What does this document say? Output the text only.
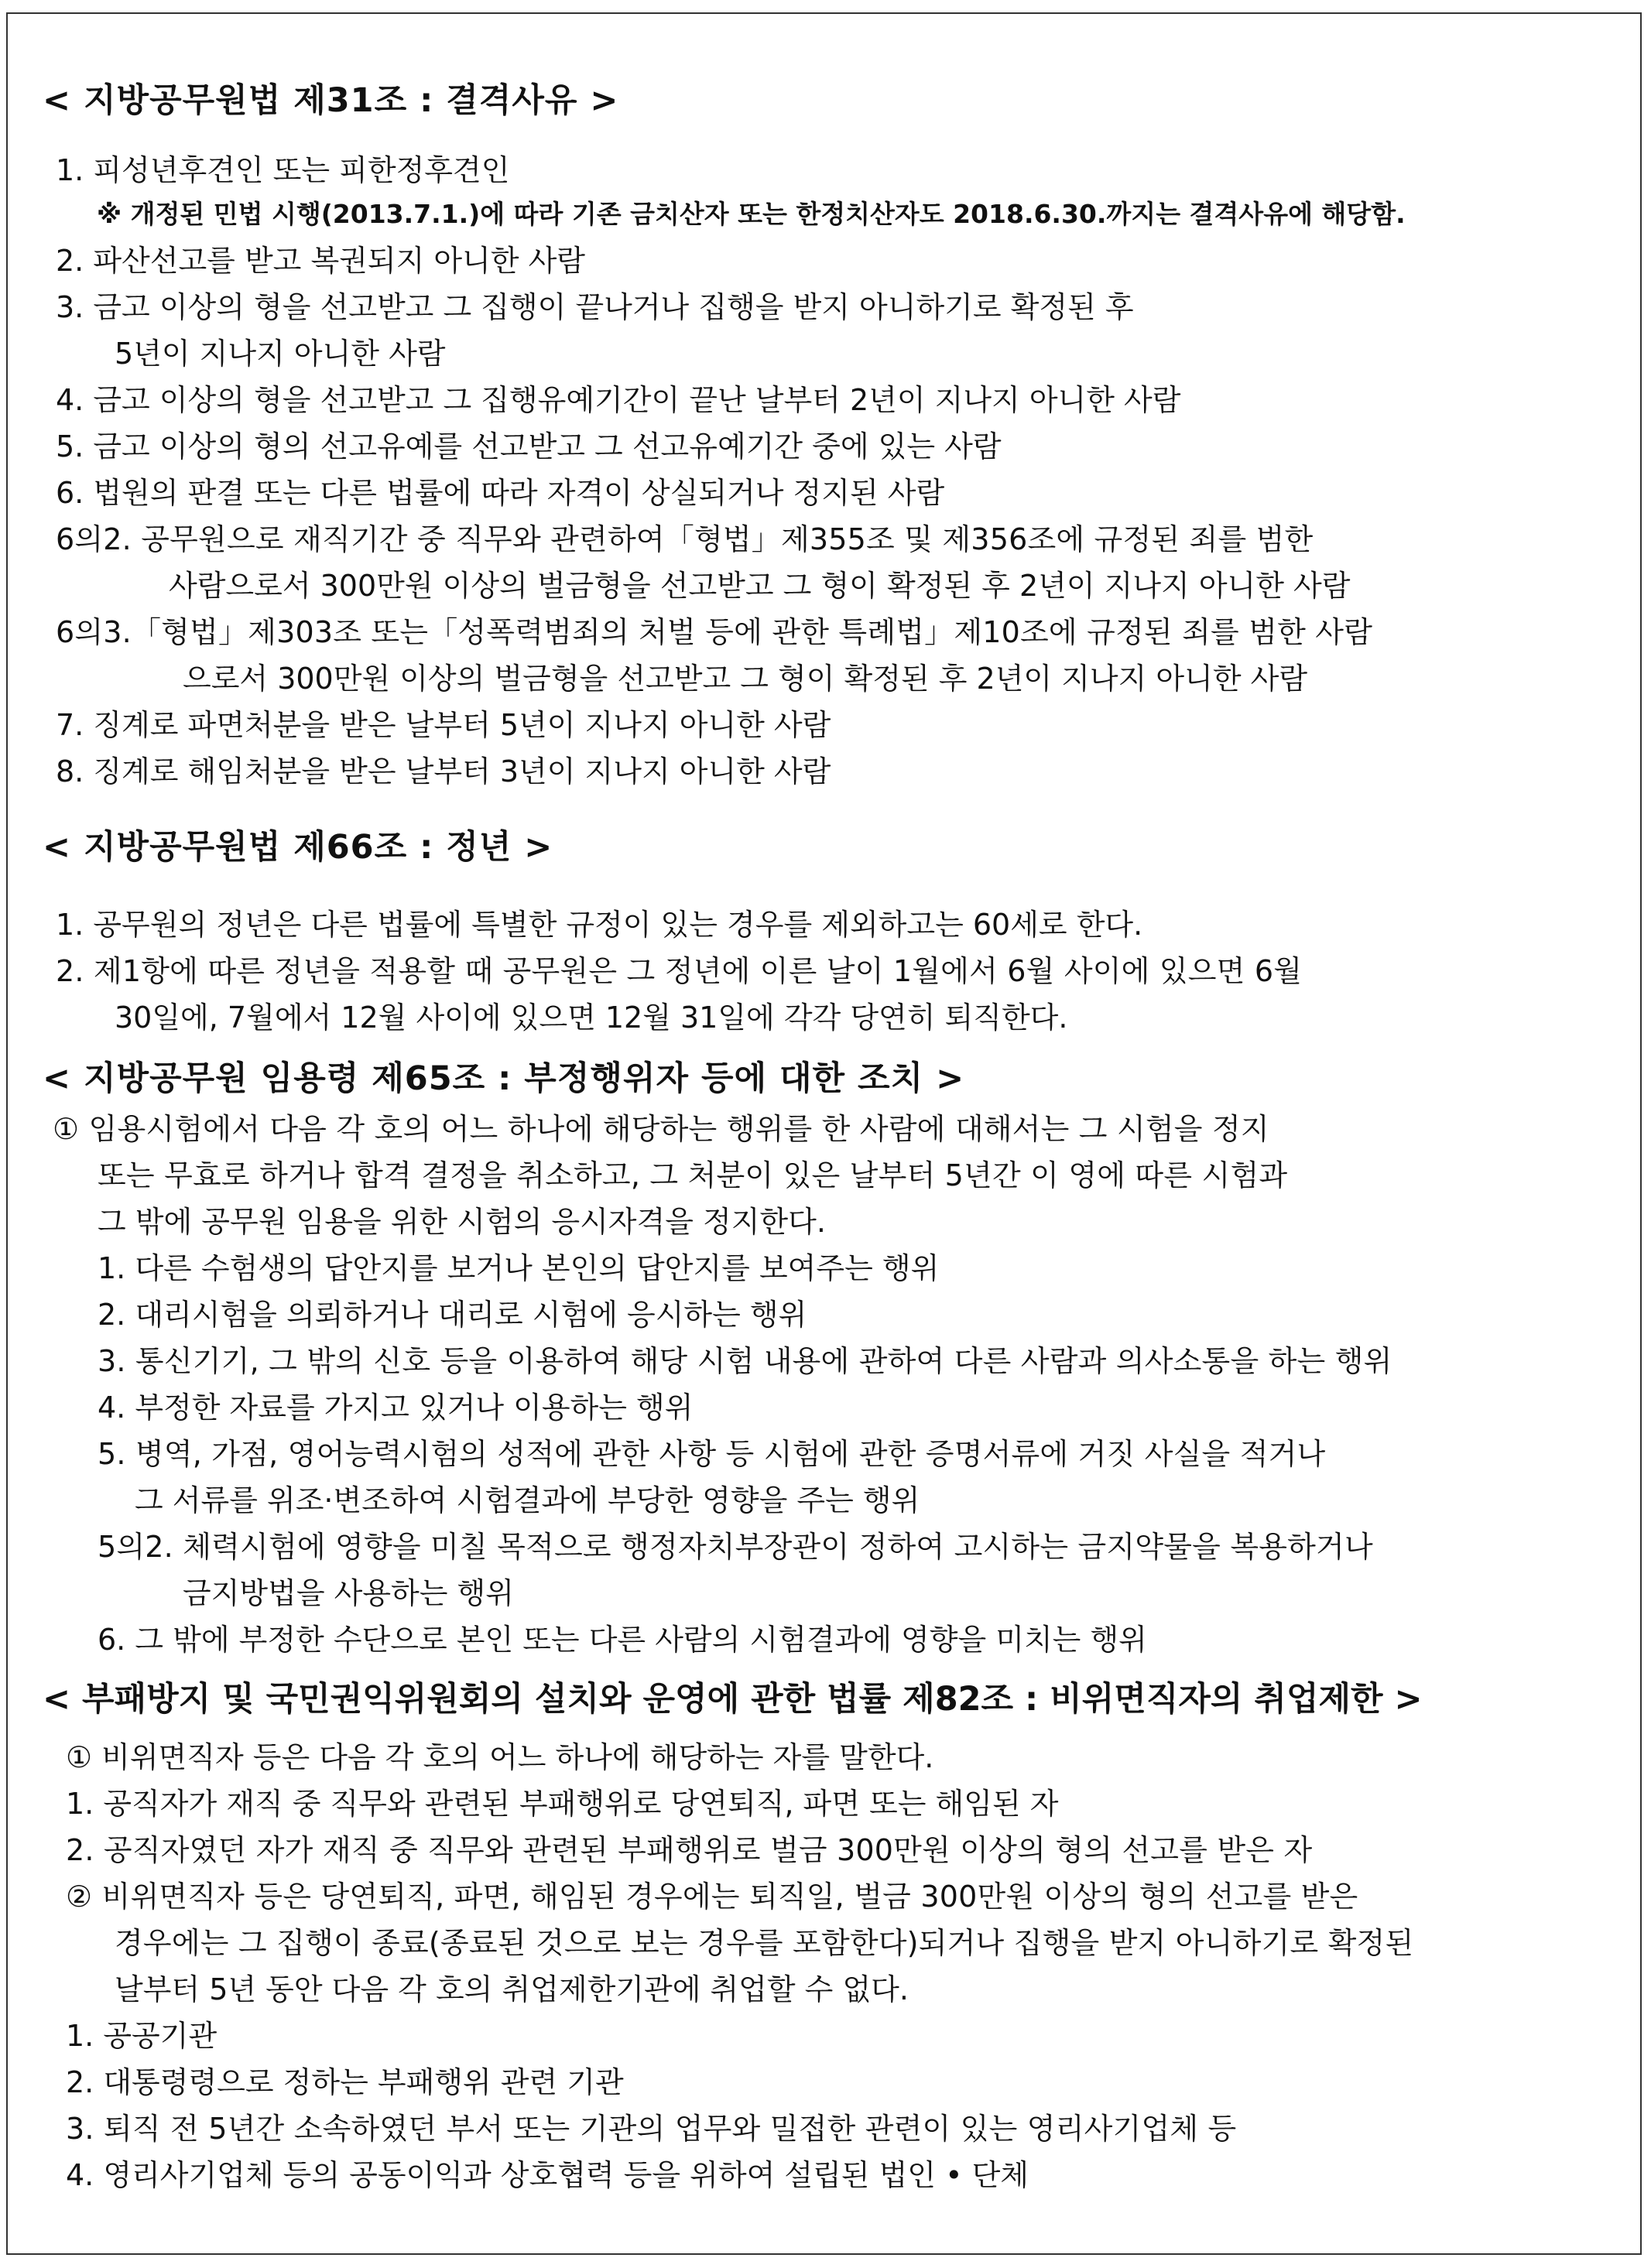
< 지방공무원법 제31조 : 결격사유 >

1. 피성년후견인 또는 피한정후견인

※ 개정된 민법 시행(2013.7.1.)에 따라 기존 금치산자 또는 한정치산자도 2018.6.30.까지는 결격사유에 해당함.

2. 파산선고를 받고 복권되지 아니한 사람

3. 금고 이상의 형을 선고받고 그 집행이 끝나거나 집행을 받지 아니하기로 확정된 후

5년이 지나지 아니한 사람

4. 금고 이상의 형을 선고받고 그 집행유예기간이 끝난 날부터 2년이 지나지 아니한 사람

5. 금고 이상의 형의 선고유예를 선고받고 그 선고유예기간 중에 있는 사람

6. 법원의 판결 또는 다른 법률에 따라 자격이 상실되거나 정지된 사람

6의2. 공무원으로 재직기간 중 직무와 관련하여「형법」제355조 및 제356조에 규정된 죄를 범한

사람으로서 300만원 이상의 벌금형을 선고받고 그 형이 확정된 후 2년이 지나지 아니한 사람

6의3.「형법」제303조 또는「성폭력범죄의 처벌 등에 관한 특례법」제10조에 규정된 죄를 범한 사람

으로서 300만원 이상의 벌금형을 선고받고 그 형이 확정된 후 2년이 지나지 아니한 사람

7. 징계로 파면처분을 받은 날부터 5년이 지나지 아니한 사람

8. 징계로 해임처분을 받은 날부터 3년이 지나지 아니한 사람

< 지방공무원법 제66조 : 정년 >

1. 공무원의 정년은 다른 법률에 특별한 규정이 있는 경우를 제외하고는 60세로 한다.

2. 제1항에 따른 정년을 적용할 때 공무원은 그 정년에 이른 날이 1월에서 6월 사이에 있으면 6월

30일에, 7월에서 12월 사이에 있으면 12월 31일에 각각 당연히 퇴직한다.

< 지방공무원 임용령 제65조 : 부정행위자 등에 대한 조치 >

① 임용시험에서 다음 각 호의 어느 하나에 해당하는 행위를 한 사람에 대해서는 그 시험을 정지

또는 무효로 하거나 합격 결정을 취소하고, 그 처분이 있은 날부터 5년간 이 영에 따른 시험과

그 밖에 공무원 임용을 위한 시험의 응시자격을 정지한다.

1. 다른 수험생의 답안지를 보거나 본인의 답안지를 보여주는 행위

2. 대리시험을 의뢰하거나 대리로 시험에 응시하는 행위

3. 통신기기, 그 밖의 신호 등을 이용하여 해당 시험 내용에 관하여 다른 사람과 의사소통을 하는 행위

4. 부정한 자료를 가지고 있거나 이용하는 행위

5. 병역, 가점, 영어능력시험의 성적에 관한 사항 등 시험에 관한 증명서류에 거짓 사실을 적거나

그 서류를 위조·변조하여 시험결과에 부당한 영향을 주는 행위

5의2. 체력시험에 영향을 미칠 목적으로 행정자치부장관이 정하여 고시하는 금지약물을 복용하거나

금지방법을 사용하는 행위

6. 그 밖에 부정한 수단으로 본인 또는 다른 사람의 시험결과에 영향을 미치는 행위

< 부패방지 및 국민권익위원회의 설치와 운영에 관한 법률 제82조 : 비위면직자의 취업제한 >

① 비위면직자 등은 다음 각 호의 어느 하나에 해당하는 자를 말한다.

1. 공직자가 재직 중 직무와 관련된 부패행위로 당연퇴직, 파면 또는 해임된 자

2. 공직자였던 자가 재직 중 직무와 관련된 부패행위로 벌금 300만원 이상의 형의 선고를 받은 자

② 비위면직자 등은 당연퇴직, 파면, 해임된 경우에는 퇴직일, 벌금 300만원 이상의 형의 선고를 받은

경우에는 그 집행이 종료(종료된 것으로 보는 경우를 포함한다)되거나 집행을 받지 아니하기로 확정된

날부터 5년 동안 다음 각 호의 취업제한기관에 취업할 수 없다.

1. 공공기관

2. 대통령령으로 정하는 부패행위 관련 기관

3. 퇴직 전 5년간 소속하였던 부서 또는 기관의 업무와 밀접한 관련이 있는 영리사기업체 등

4. 영리사기업체 등의 공동이익과 상호협력 등을 위하여 설립된 법인 • 단체
